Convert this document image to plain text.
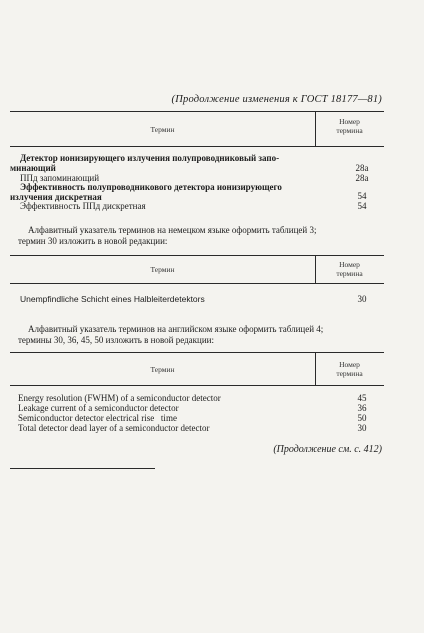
(Продолжение изменения к ГОСТ 18177—81)
Термин
Номер
термина
Детектор ионизирующего излучения полупроводниковый запо-
минающий	28а
ППд запоминающий	28а
Эффективность полупроводникового детектора ионизирующего
излучения дискретная	54
Эффективность ППд дискретная	54
Алфавитный указатель терминов на немецком языке оформить таблицей 3;
термин 30 изложить в новой редакции:
Термин
Номер
термина
Unempfindliche Schicht eines Halbleiterdetektors	30
Алфавитный указатель терминов на английском языке оформить таблицей 4;
термины 30, 36, 45, 50 изложить в новой редакции:
Термин
Номер
термина
Energy resolution (FWHM) of a semiconductor detector	45
Leakage current of a semiconductor detector	36
Semiconductor detector electrical rise   time	50
Total detector dead layer of a semiconductor detector	30
(Продолжение см. с. 412)
